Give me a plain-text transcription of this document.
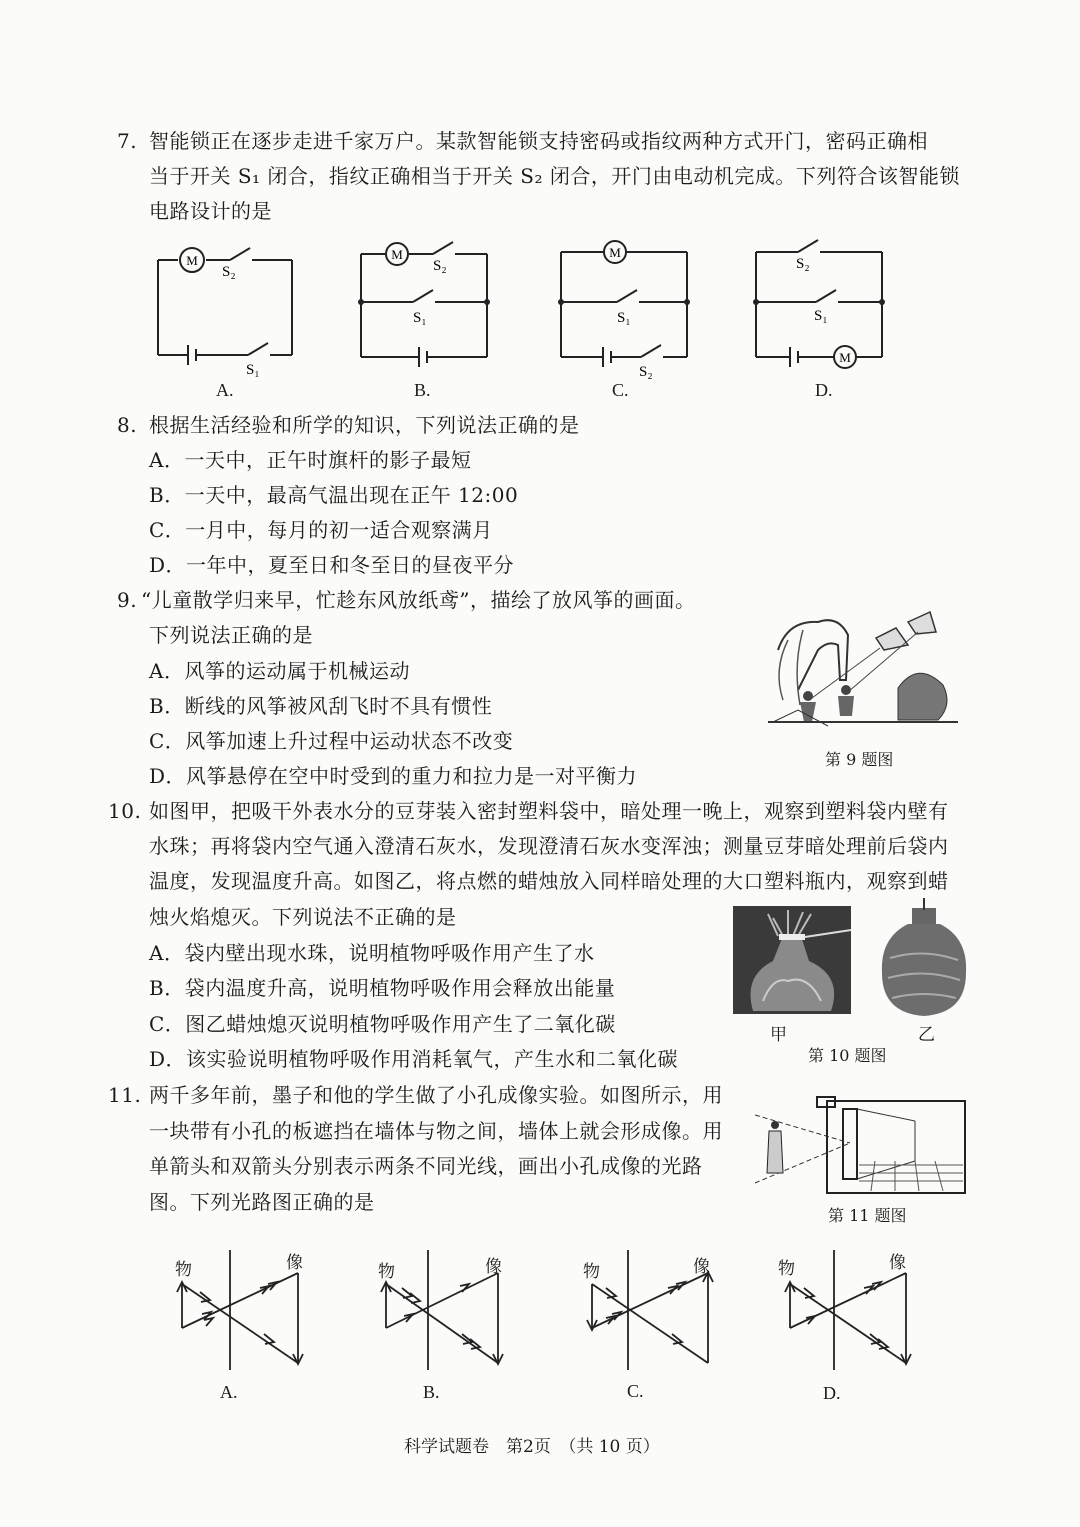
7. 智能锁正在逐步走进千家万户。某款智能锁支持密码或指纹两种方式开门，密码正确相
当于开关 S₁ 闭合，指纹正确相当于开关 S₂ 闭合，开门由电动机完成。下列符合该智能锁
电路设计的是
M
S₂
S₁
A.
M
S₂
S₁
B.
M
S₁
S₂
C.
M
S₂
S₁
D.
8. 根据生活经验和所学的知识，下列说法正确的是
A．一天中，正午时旗杆的影子最短
B．一天中，最高气温出现在正午 12:00
C．一月中，每月的初一适合观察满月
D．一年中，夏至日和冬至日的昼夜平分
9. “儿童散学归来早，忙趁东风放纸鸢”，描绘了放风筝的画面。
下列说法正确的是
A．风筝的运动属于机械运动
B．断线的风筝被风刮飞时不具有惯性
C．风筝加速上升过程中运动状态不改变
D．风筝悬停在空中时受到的重力和拉力是一对平衡力
第 9 题图
10. 如图甲，把吸干外表水分的豆芽装入密封塑料袋中，暗处理一晚上，观察到塑料袋内壁有
水珠；再将袋内空气通入澄清石灰水，发现澄清石灰水变浑浊；测量豆芽暗处理前后袋内
温度，发现温度升高。如图乙，将点燃的蜡烛放入同样暗处理的大口塑料瓶内，观察到蜡
烛火焰熄灭。下列说法不正确的是
A．袋内壁出现水珠，说明植物呼吸作用产生了水
B．袋内温度升高，说明植物呼吸作用会释放出能量
C．图乙蜡烛熄灭说明植物呼吸作用产生了二氧化碳
D．该实验说明植物呼吸作用消耗氧气，产生水和二氧化碳
甲	乙
第 10 题图
11. 两千多年前，墨子和他的学生做了小孔成像实验。如图所示，用
一块带有小孔的板遮挡在墙体与物之间，墙体上就会形成像。用
单箭头和双箭头分别表示两条不同光线，画出小孔成像的光路
图。下列光路图正确的是
第 11 题图
物	像	物	像	物	像	物	像
A.	B.	C.	D.
科学试题卷　第2页　（共 10 页）
